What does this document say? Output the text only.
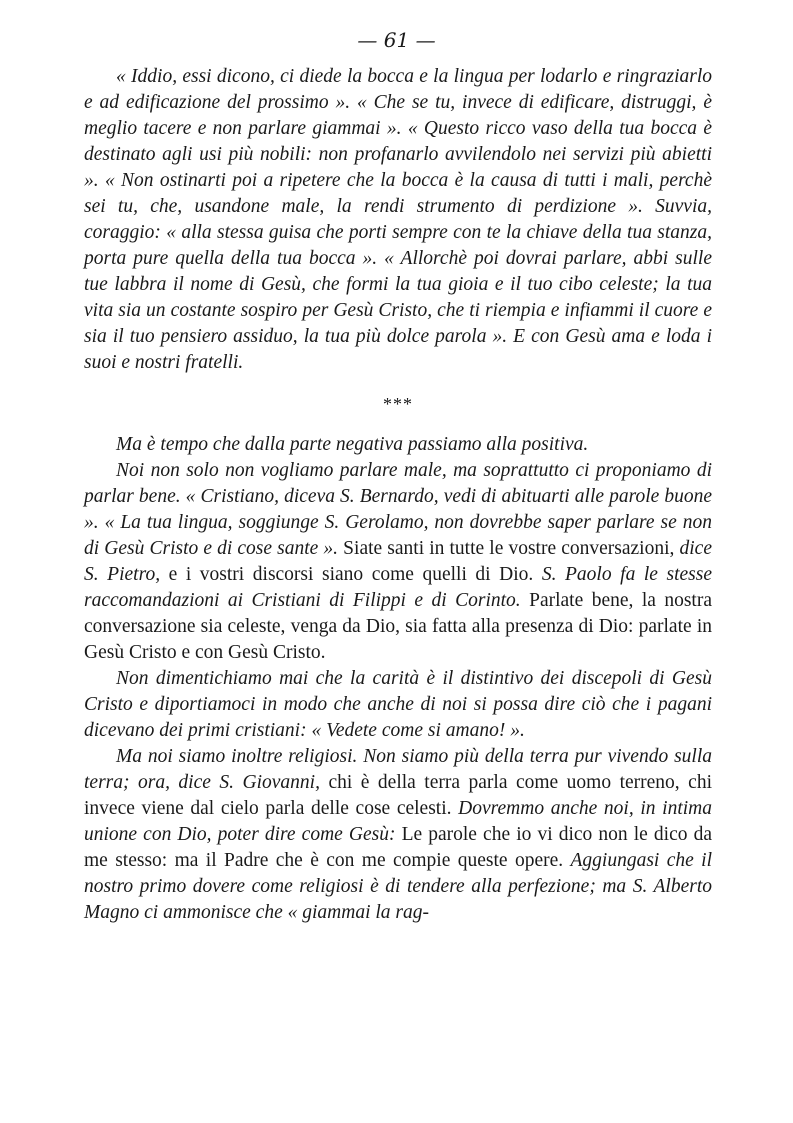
— 61 —

« Iddio, essi dicono, ci diede la bocca e la lingua per lodarlo e ringraziarlo e ad edificazione del prossimo ». « Che se tu, invece di edificare, distruggi, è meglio tacere e non parlare giammai ». « Questo ricco vaso della tua bocca è destinato agli usi più nobili: non profanarlo avvilendolo nei servizi più abietti ». « Non ostinarti poi a ripetere che la bocca è la causa di tutti i mali, perchè sei tu, che, usandone male, la rendi strumento di perdizione ». Suvvia, coraggio: « alla stessa guisa che porti sempre con te la chiave della tua stanza, porta pure quella della tua bocca ». « Allorchè poi dovrai parlare, abbi sulle tue labbra il nome di Gesù, che formi la tua gioia e il tuo cibo celeste; la tua vita sia un costante sospiro per Gesù Cristo, che ti riempia e infiammi il cuore e sia il tuo pensiero assiduo, la tua più dolce parola ». E con Gesù ama e loda i suoi e nostri fratelli.

***

Ma è tempo che dalla parte negativa passiamo alla positiva.

Noi non solo non vogliamo parlare male, ma soprattutto ci proponiamo di parlar bene. « Cristiano, diceva S. Bernardo, vedi di abituarti alle parole buone ». « La tua lingua, soggiunge S. Gerolamo, non dovrebbe saper parlare se non di Gesù Cristo e di cose sante ». Siate santi in tutte le vostre conversazioni, dice S. Pietro, e i vostri discorsi siano come quelli di Dio. S. Paolo fa le stesse raccomandazioni ai Cristiani di Filippi e di Corinto. Parlate bene, la nostra conversazione sia celeste, venga da Dio, sia fatta alla presenza di Dio: parlate in Gesù Cristo e con Gesù Cristo.

Non dimentichiamo mai che la carità è il distintivo dei discepoli di Gesù Cristo e diportiamoci in modo che anche di noi si possa dire ciò che i pagani dicevano dei primi cristiani: « Vedete come si amano! ».

Ma noi siamo inoltre religiosi. Non siamo più della terra pur vivendo sulla terra; ora, dice S. Giovanni, chi è della terra parla come uomo terreno, chi invece viene dal cielo parla delle cose celesti. Dovremmo anche noi, in intima unione con Dio, poter dire come Gesù: Le parole che io vi dico non le dico da me stesso: ma il Padre che è con me compie queste opere. Aggiungasi che il nostro primo dovere come religiosi è di tendere alla perfezione; ma S. Alberto Magno ci ammonisce che « giammai la rag-
